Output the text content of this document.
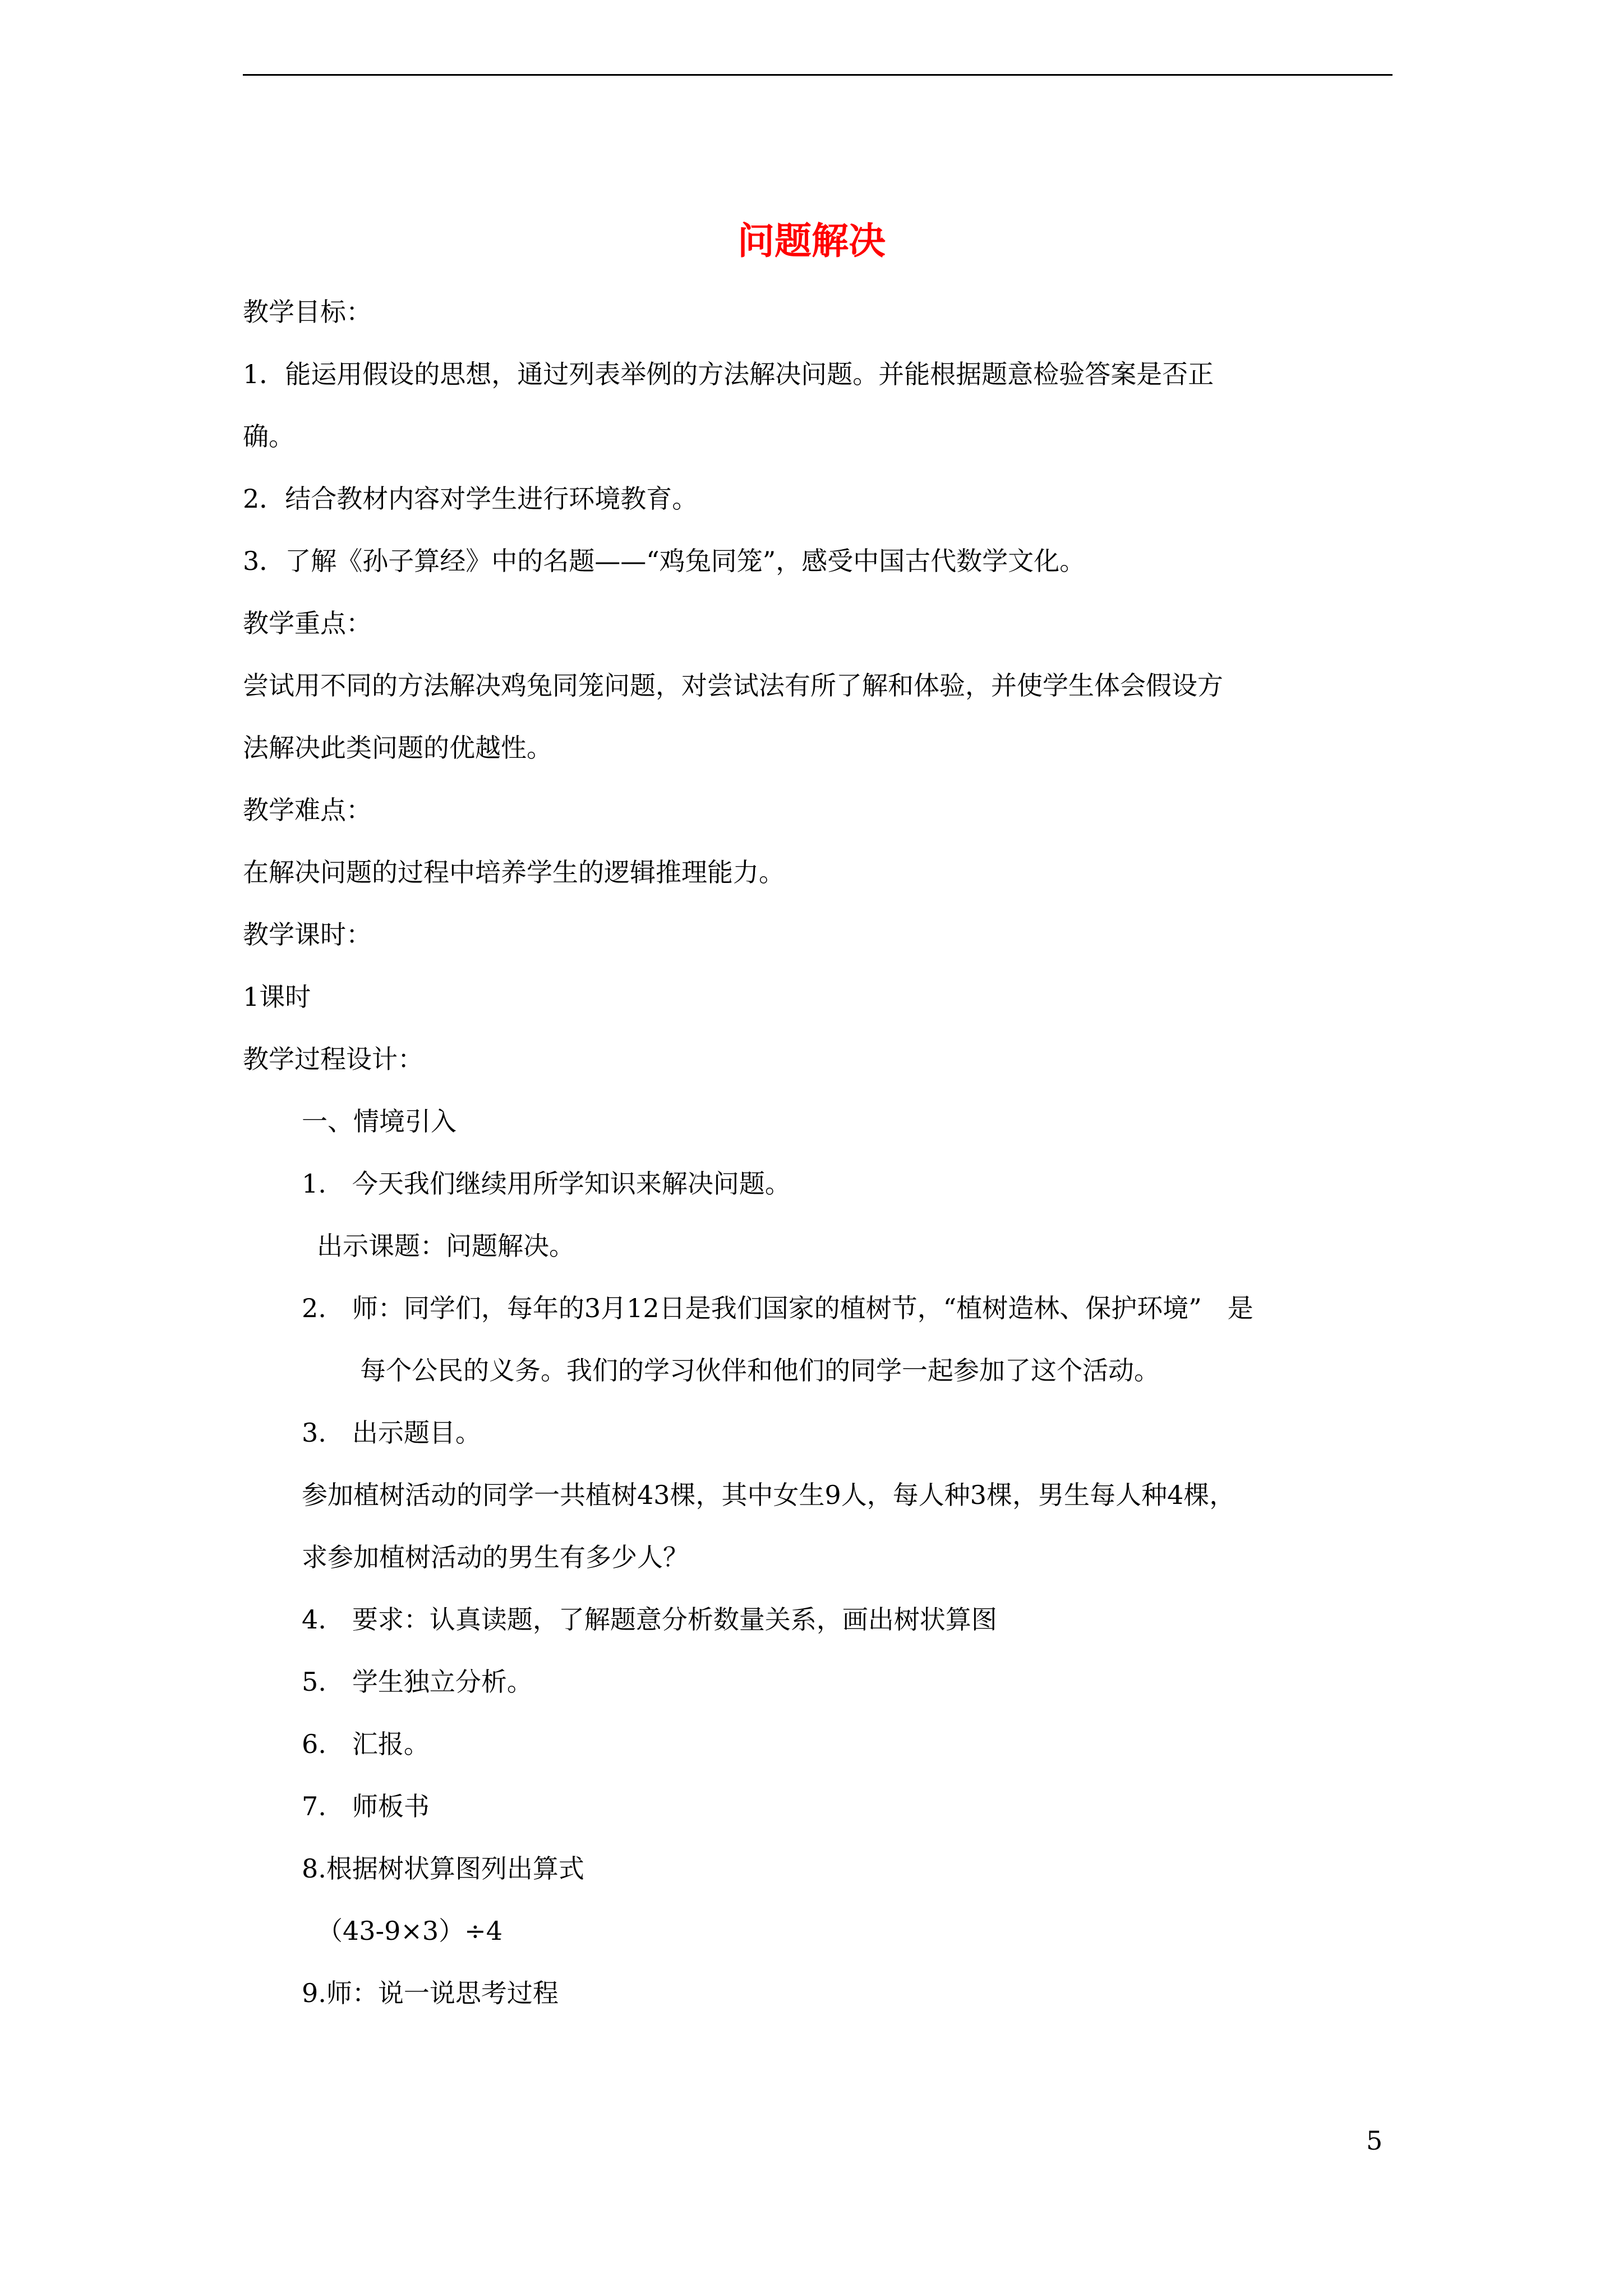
问题解决
教学目标：
1．能运用假设的思想，通过列表举例的方法解决问题。并能根据题意检验答案是否正
确。
2．结合教材内容对学生进行环境教育。
3．了解《孙子算经》中的名题——“鸡兔同笼”，感受中国古代数学文化。
教学重点：
尝试用不同的方法解决鸡兔同笼问题，对尝试法有所了解和体验，并使学生体会假设方
法解决此类问题的优越性。
教学难点：
在解决问题的过程中培养学生的逻辑推理能力。
教学课时：
1课时
教学过程设计：
一、情境引入
1.　今天我们继续用所学知识来解决问题。
出示课题：问题解决。
2.　师：同学们，每年的3月12日是我们国家的植树节，“植树造林、保护环境”　是
每个公民的义务。我们的学习伙伴和他们的同学一起参加了这个活动。
3.　出示题目。
参加植树活动的同学一共植树43棵，其中女生9人，每人种3棵，男生每人种4棵，
求参加植树活动的男生有多少人？
4.　要求：认真读题，了解题意分析数量关系，画出树状算图
5.　学生独立分析。
6.　汇报。
7.　师板书
8.根据树状算图列出算式
（43-9×3）÷4
9.师：说一说思考过程
5
